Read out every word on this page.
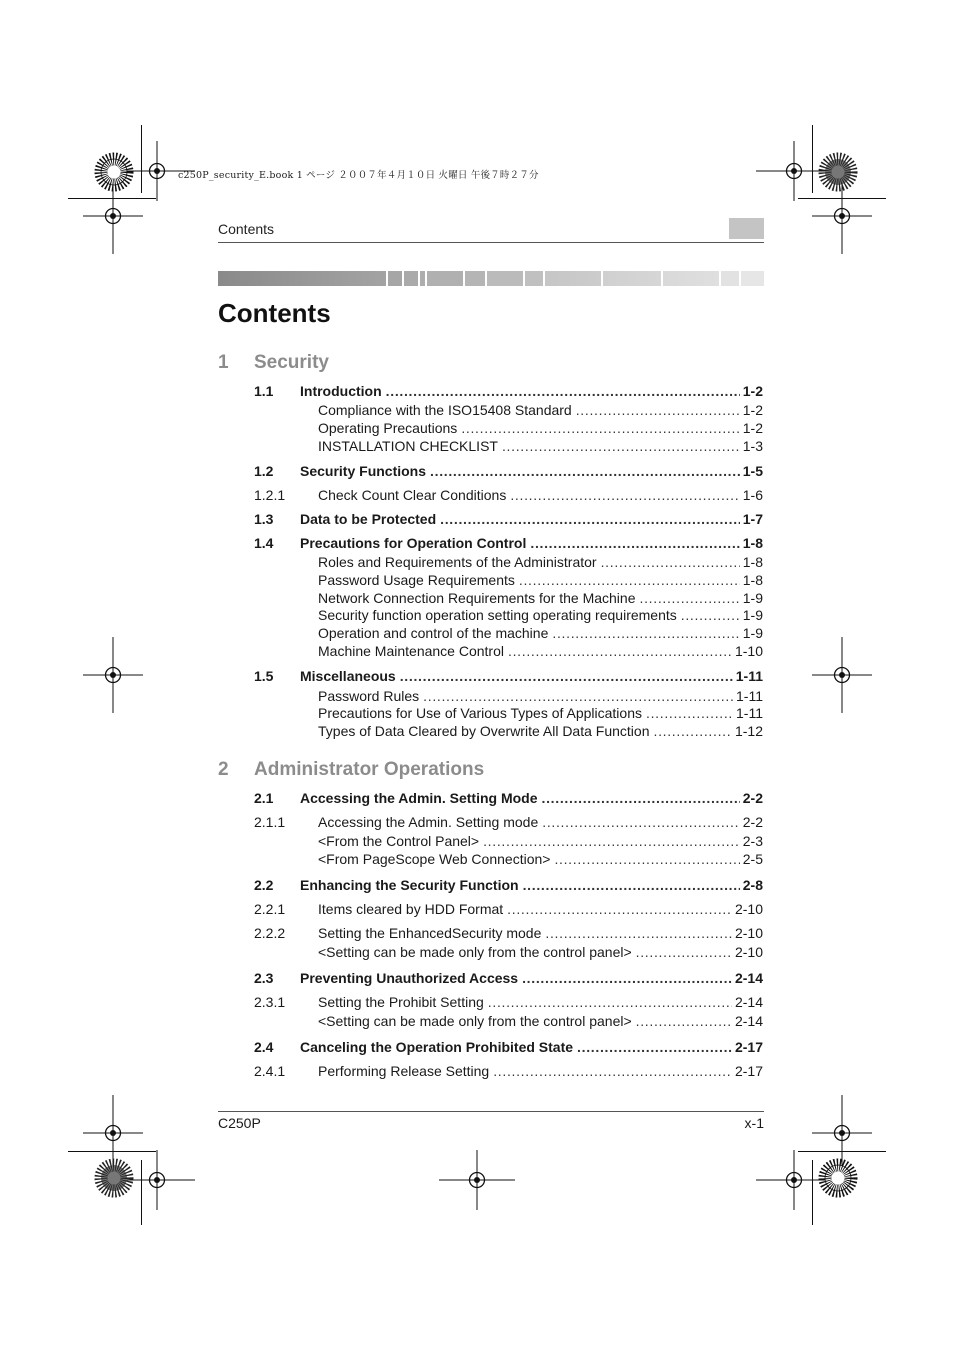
c250P_security_E.book 1 ページ ２００７年４月１０日 火曜日 午後７時２７分
Contents
Contents
1 Security
1.1 Introduction . . .	1-2
Compliance with the ISO15408 Standard . . .	1-2
Operating Precautions . . .	1-2
INSTALLATION CHECKLIST . . .	1-3
1.2 Security Functions . . .	1-5
1.2.1 Check Count Clear Conditions . . .	1-6
1.3 Data to be Protected . . .	1-7
1.4 Precautions for Operation Control . . .	1-8
Roles and Requirements of the Administrator . . .	1-8
Password Usage Requirements . . .	1-8
Network Connection Requirements for the Machine . . .	1-9
Security function operation setting operating requirements . . .	1-9
Operation and control of the machine . . .	1-9
Machine Maintenance Control . . .	1-10
1.5 Miscellaneous . . .	1-11
Password Rules . . .	1-11
Precautions for Use of Various Types of Applications . . .	1-11
Types of Data Cleared by Overwrite All Data Function . . .	1-12
2 Administrator Operations
2.1 Accessing the Admin. Setting Mode . . .	2-2
2.1.1 Accessing the Admin. Setting mode . . .	2-2
<From the Control Panel> . . .	2-3
<From PageScope Web Connection> . . .	2-5
2.2 Enhancing the Security Function . . .	2-8
2.2.1 Items cleared by HDD Format . . .	2-10
2.2.2 Setting the EnhancedSecurity mode . . .	2-10
<Setting can be made only from the control panel> . . .	2-10
2.3 Preventing Unauthorized Access . . .	2-14
2.3.1 Setting the Prohibit Setting . . .	2-14
<Setting can be made only from the control panel> . . .	2-14
2.4 Canceling the Operation Prohibited State . . .	2-17
2.4.1 Performing Release Setting . . .	2-17
C250P	x-1
